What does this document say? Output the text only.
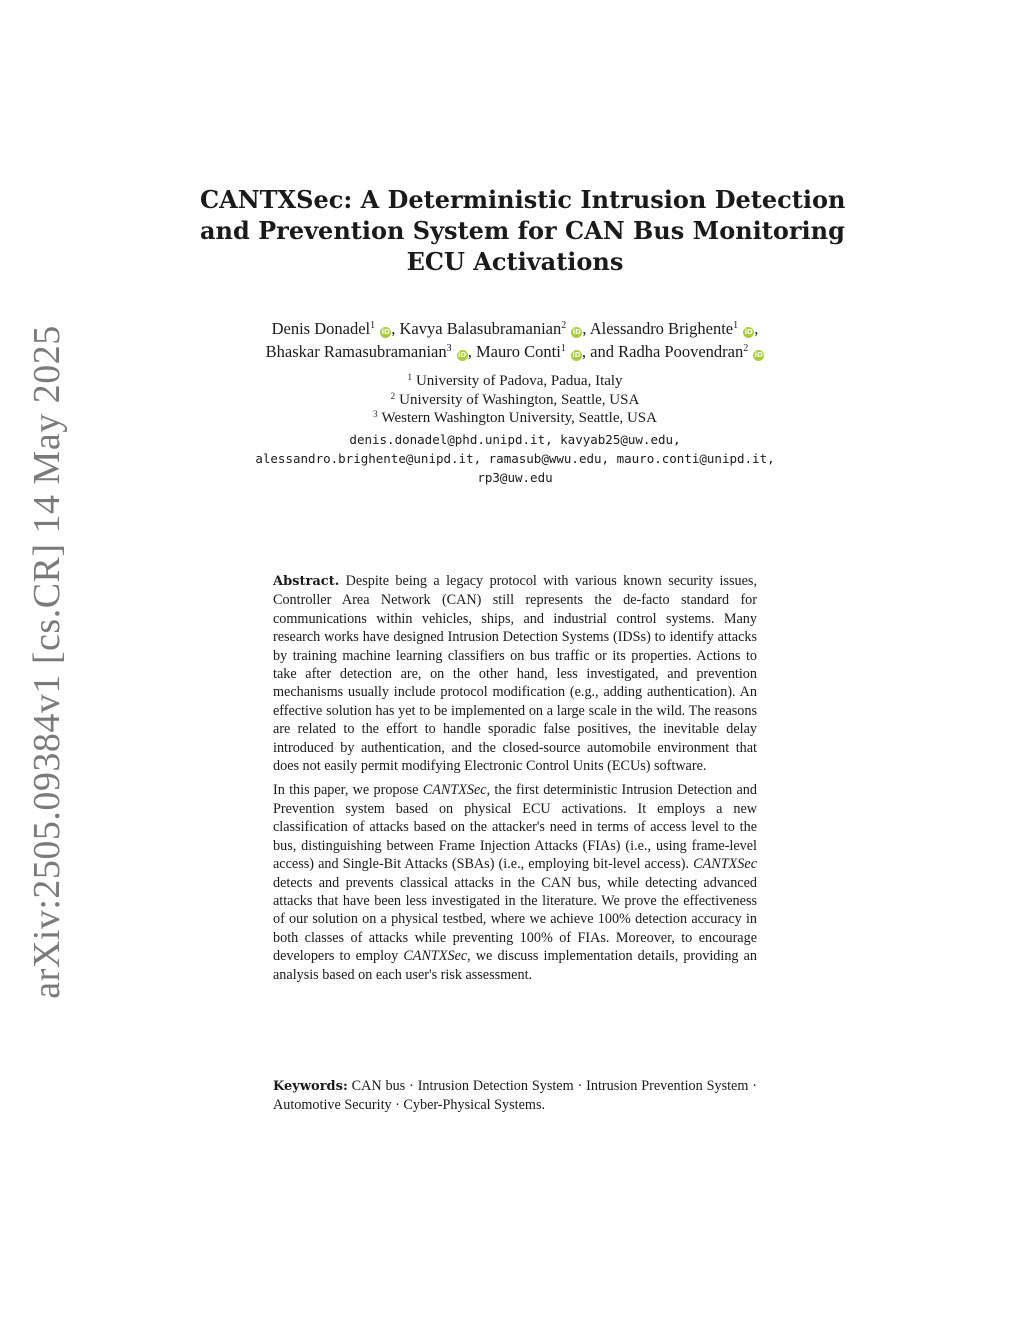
arXiv:2505.09384v1 [cs.CR] 14 May 2025
CANTXSec: A Deterministic Intrusion Detection
and Prevention System for CAN Bus Monitoring
ECU Activations
Denis Donadel$^1$ iD, Kavya Balasubramanian$^2$ iD, Alessandro Brighente$^1$ iD,
Bhaskar Ramasubramanian$^3$ iD, Mauro Conti$^1$ iD, and Radha Poovendran$^2$ iD
$^1$ University of Padova, Padua, Italy
$^2$ University of Washington, Seattle, USA
$^3$ Western Washington University, Seattle, USA
denis.donadel@phd.unipd.it, kavyab25@uw.edu,
alessandro.brighente@unipd.it, ramasub@wwu.edu, mauro.conti@unipd.it,
rp3@uw.edu

Abstract. Despite being a legacy protocol with various known security issues, Controller Area Network (CAN) still represents the de-facto standard for communications within vehicles, ships, and industrial control systems. Many research works have designed Intrusion Detection Systems (IDSs) to identify attacks by training machine learning classifiers on bus traffic or its properties. Actions to take after detection are, on the other hand, less investigated, and prevention mechanisms usually include protocol modification (e.g., adding authentication). An effective solution has yet to be implemented on a large scale in the wild. The reasons are related to the effort to handle sporadic false positives, the inevitable delay introduced by authentication, and the closed-source automobile environment that does not easily permit modifying Electronic Control Units (ECUs) software.

In this paper, we propose CANTXSec, the first deterministic Intrusion Detection and Prevention system based on physical ECU activations. It employs a new classification of attacks based on the attacker's need in terms of access level to the bus, distinguishing between Frame Injection Attacks (FIAs) (i.e., using frame-level access) and Single-Bit Attacks (SBAs) (i.e., employing bit-level access). CANTXSec detects and prevents classical attacks in the CAN bus, while detecting advanced attacks that have been less investigated in the literature. We prove the effectiveness of our solution on a physical testbed, where we achieve 100% detection accuracy in both classes of attacks while preventing 100% of FIAs. Moreover, to encourage developers to employ CANTXSec, we discuss implementation details, providing an analysis based on each user's risk assessment.

Keywords: CAN bus · Intrusion Detection System · Intrusion Prevention System · Automotive Security · Cyber-Physical Systems.
